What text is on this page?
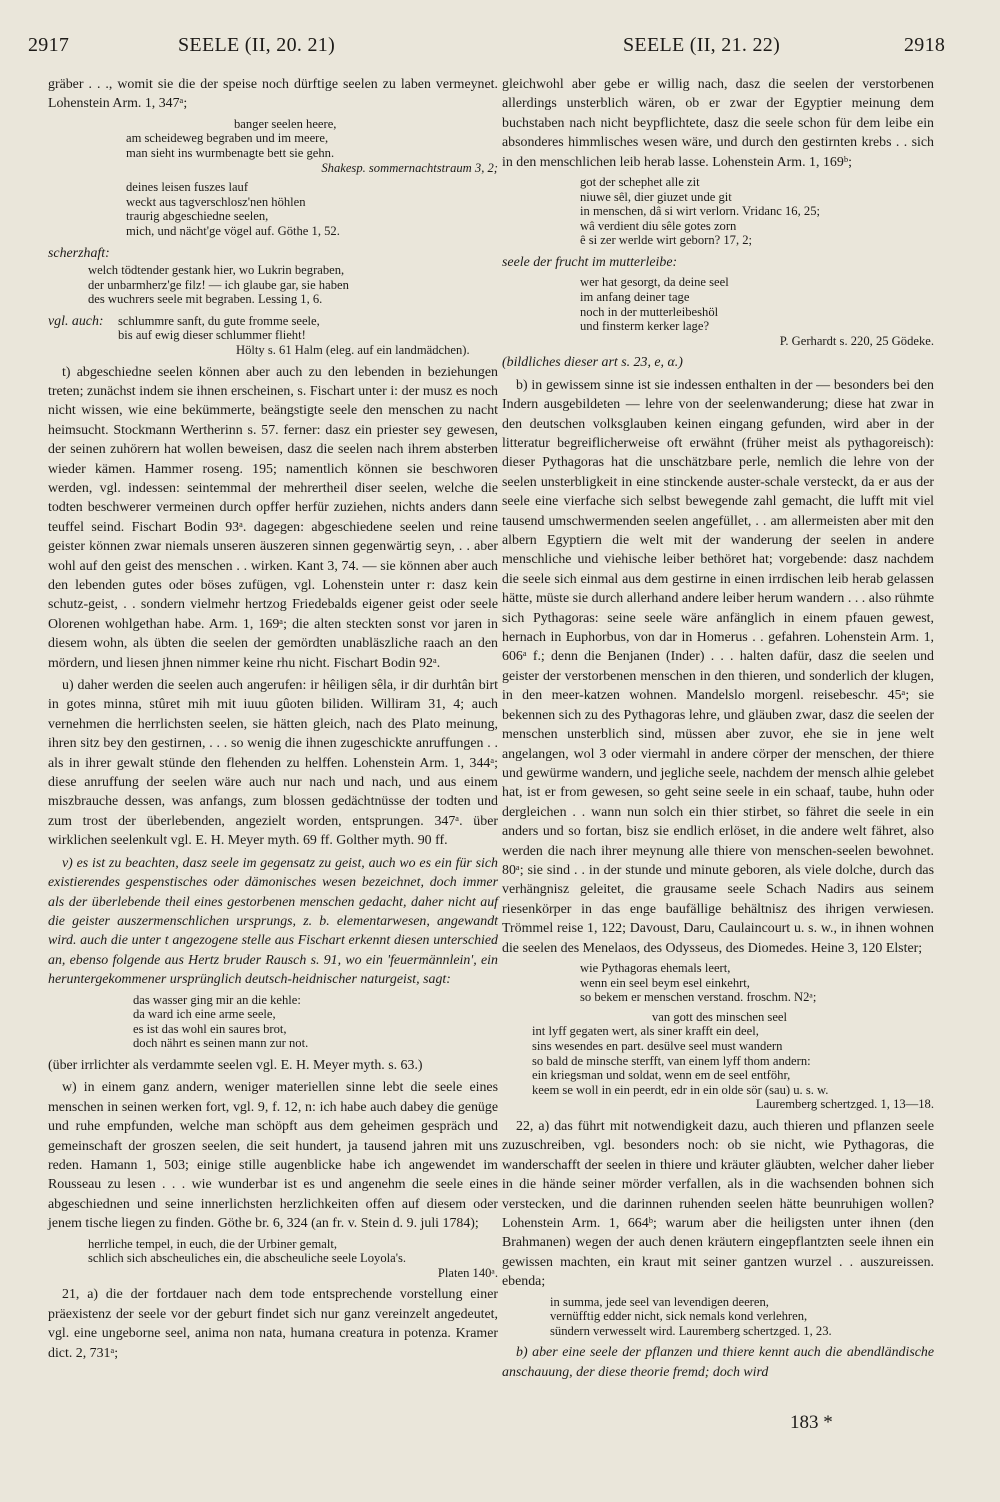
2917	SEELE (II, 20. 21)	SEELE (II, 21. 22)	2918

gräber . . ., womit sie die der speise noch dürftige seelen zu laben vermeynet. Lohenstein Arm. 1, 347ᵃ;

banger seelen heere,
am scheideweg begraben und im meere,
man sieht ins wurmbenagte bett sie gehn.
Shakesp. sommernachtstraum 3, 2;
deines leisen fuszes lauf
weckt aus tagverschlosz'nen höhlen
traurig abgeschiedne seelen,
mich, und nächt'ge vögel auf. Göthe 1, 52.
scherzhaft:
welch tödtender gestank hier, wo Lukrin begraben,
der unbarmherz'ge filz! — ich glaube gar, sie haben
des wuchrers seele mit begraben. Lessing 1, 6.
vgl. auch:	schlummre sanft, du gute fromme seele,
bis auf ewig dieser schlummer flieht!
Hölty s. 61 Halm (eleg. auf ein landmädchen).

t) abgeschiedne seelen können aber auch zu den lebenden in beziehungen treten; zunächst indem sie ihnen erscheinen, s. Fischart unter i: der musz es noch nicht wissen, wie eine bekümmerte, beängstigte seele den menschen zu nacht heimsucht. Stockmann Wertherinn s. 57. ferner: dasz ein priester sey gewesen, der seinen zuhörern hat wollen beweisen, dasz die seelen nach ihrem absterben wieder kämen. Hammer roseng. 195; namentlich können sie beschworen werden, vgl. indessen: seintemmal der mehrertheil diser seelen, welche die todten beschwerer vermeinen durch opffer herfür zuziehen, nichts anders dann teuffel seind. Fischart Bodin 93ᵃ. dagegen: abgeschiedene seelen und reine geister können zwar niemals unseren äuszeren sinnen gegenwärtig seyn, . . aber wohl auf den geist des menschen . . wirken. Kant 3, 74. — sie können aber auch den lebenden gutes oder böses zufügen, vgl. Lohenstein unter r: dasz kein schutz-geist, . . sondern vielmehr hertzog Friedebalds eigener geist oder seele Olorenen wohlgethan habe. Arm. 1, 169ᵃ; die alten steckten sonst vor jaren in diesem wohn, als übten die seelen der gemördten unabläszliche raach an den mördern, und liesen jhnen nimmer keine rhu nicht. Fischart Bodin 92ᵃ.

u) daher werden die seelen auch angerufen: ir hêiligen sêla, ir dir durhtân birt in gotes minna, stûret mih mit iuuu gûoten biliden. Williram 31, 4; auch vernehmen die herrlichsten seelen, sie hätten gleich, nach des Plato meinung, ihren sitz bey den gestirnen, . . . so wenig die ihnen zugeschickte anruffungen . . als in ihrer gewalt stünde den flehenden zu helffen. Lohenstein Arm. 1, 344ᵃ; diese anruffung der seelen wäre auch nur nach und nach, und aus einem miszbrauche dessen, was anfangs, zum blossen gedächtnüsse der todten und zum trost der überlebenden, angezielt worden, entsprungen. 347ᵃ. über wirklichen seelenkult vgl. E. H. Meyer myth. 69 ff. Golther myth. 90 ff.

v) es ist zu beachten, dasz seele im gegensatz zu geist, auch wo es ein für sich existierendes gespenstisches oder dämonisches wesen bezeichnet, doch immer als der überlebende theil eines gestorbenen menschen gedacht, daher nicht auf die geister auszermenschlichen ursprungs, z. b. elementarwesen, angewandt wird. auch die unter t angezogene stelle aus Fischart erkennt diesen unterschied an, ebenso folgende aus Hertz bruder Rausch s. 91, wo ein 'feuermännlein', ein heruntergekommener ursprünglich deutsch-heidnischer naturgeist, sagt:

das wasser ging mir an die kehle:
da ward ich eine arme seele,
es ist das wohl ein saures brot,
doch nährt es seinen mann zur not.

(über irrlichter als verdammte seelen vgl. E. H. Meyer myth. s. 63.)

w) in einem ganz andern, weniger materiellen sinne lebt die seele eines menschen in seinen werken fort, vgl. 9, f. 12, n: ich habe auch dabey die genüge und ruhe empfunden, welche man schöpft aus dem geheimen gespräch und gemeinschaft der groszen seelen, die seit hundert, ja tausend jahren mit uns reden. Hamann 1, 503; einige stille augenblicke habe ich angewendet im Rousseau zu lesen . . . wie wunderbar ist es und angenehm die seele eines abgeschiednen und seine innerlichsten herzlichkeiten offen auf diesem oder jenem tische liegen zu finden. Göthe br. 6, 324 (an fr. v. Stein d. 9. juli 1784);

herrliche tempel, in euch, die der Urbiner gemalt,
schlich sich abscheuliches ein, die abscheuliche seele Loyola's.
Platen 140ᵃ.

21, a) die der fortdauer nach dem tode entsprechende vorstellung einer präexistenz der seele vor der geburt findet sich nur ganz vereinzelt angedeutet, vgl. eine ungeborne seel, anima non nata, humana creatura in potenza. Kramer dict. 2, 731ᵃ;

gleichwohl aber gebe er willig nach, dasz die seelen der verstorbenen allerdings unsterblich wären, ob er zwar der Egyptier meinung dem buchstaben nach nicht beypflichtete, dasz die seele schon für dem leibe ein absonderes himmlisches wesen wäre, und durch den gestirnten krebs . . sich in den menschlichen leib herab lasse. Lohenstein Arm. 1, 169ᵇ;

got der schephet alle zit
niuwe sêl, dier giuzet unde git
in menschen, dâ si wirt verlorn. Vridanc 16, 25;
wâ verdient diu sêle gotes zorn
ê si zer werlde wirt geborn? 17, 2;

seele der frucht im mutterleibe:

wer hat gesorgt, da deine seel
im anfang deiner tage
noch in der mutterleibeshöl
und finsterm kerker lage?
P. Gerhardt s. 220, 25 Gödeke.

(bildliches dieser art s. 23, e, α.)

b) in gewissem sinne ist sie indessen enthalten in der — besonders bei den Indern ausgebildeten — lehre von der seelenwanderung; diese hat zwar in den deutschen volksglauben keinen eingang gefunden, wird aber in der litteratur begreiflicherweise oft erwähnt (früher meist als pythagoreisch): dieser Pythagoras hat die unschätzbare perle, nemlich die lehre von der seelen unsterbligkeit in eine stinckende auster-schale versteckt, da er aus der seele eine vierfache sich selbst bewegende zahl gemacht, die lufft mit viel tausend umschwermenden seelen angefüllet, . . am allermeisten aber mit den albern Egyptiern die welt mit der wanderung der seelen in andere menschliche und viehische leiber bethöret hat; vorgebende: dasz nachdem die seele sich einmal aus dem gestirne in einen irrdischen leib herab gelassen hätte, müste sie durch allerhand andere leiber herum wandern . . . also rühmte sich Pythagoras: seine seele wäre anfänglich in einem pfauen gewest, hernach in Euphorbus, von dar in Homerus . . gefahren. Lohenstein Arm. 1, 606ᵃ f.; denn die Benjanen (Inder) . . . halten dafür, dasz die seelen und geister der verstorbenen menschen in den thieren, und sonderlich der klugen, in den meer-katzen wohnen. Mandelslo morgenl. reisebeschr. 45ᵃ; sie bekennen sich zu des Pythagoras lehre, und gläuben zwar, dasz die seelen der menschen unsterblich sind, müssen aber zuvor, ehe sie in jene welt angelangen, wol 3 oder viermahl in andere cörper der menschen, der thiere und gewürme wandern, und jegliche seele, nachdem der mensch alhie gelebet hat, ist er from gewesen, so geht seine seele in ein schaaf, taube, huhn oder dergleichen . . wann nun solch ein thier stirbet, so fähret die seele in ein anders und so fortan, bisz sie endlich erlöset, in die andere welt fähret, also werden die nach ihrer meynung alle thiere von menschen-seelen bewohnet. 80ᵃ; sie sind . . in der stunde und minute geboren, als viele dolche, durch das verhängnisz geleitet, die grausame seele Schach Nadirs aus seinem riesenkörper in das enge baufällige behältnisz des ihrigen verwiesen. Trömmel reise 1, 122; Davoust, Daru, Caulaincourt u. s. w., in ihnen wohnen die seelen des Menelaos, des Odysseus, des Diomedes. Heine 3, 120 Elster;

wie Pythagoras ehemals leert,
wenn ein seel beym esel einkehrt,
so bekem er menschen verstand. froschm. N2ᵃ;
van gott des minschen seel
int lyff gegaten wert, als siner krafft ein deel,
sins wesendes en part. desülve seel must wandern
so bald de minsche sterfft, van einem lyff thom andern:
ein kriegsman und soldat, wenn em de seel entföhr,
keem se woll in ein peerdt, edr in ein olde sör (sau) u. s. w.
Lauremberg schertzged. 1, 13—18.

22, a) das führt mit notwendigkeit dazu, auch thieren und pflanzen seele zuzuschreiben, vgl. besonders noch: ob sie nicht, wie Pythagoras, die wanderschafft der seelen in thiere und kräuter gläubten, welcher daher lieber in die hände seiner mörder verfallen, als in die wachsenden bohnen sich verstecken, und die darinnen ruhenden seelen hätte beunruhigen wollen? Lohenstein Arm. 1, 664ᵇ; warum aber die heiligsten unter ihnen (den Brahmanen) wegen der auch denen kräutern eingepflantzten seele ihnen ein gewissen machten, ein kraut mit seiner gantzen wurzel . . auszureissen. ebenda;

in summa, jede seel van levendigen deeren,
vernüfftig edder nicht, sick nemals kond verlehren,
sündern verwesselt wird. Lauremberg schertzged. 1, 23.

b) aber eine seele der pflanzen und thiere kennt auch die abendländische anschauung, der diese theorie fremd; doch wird

183 *
